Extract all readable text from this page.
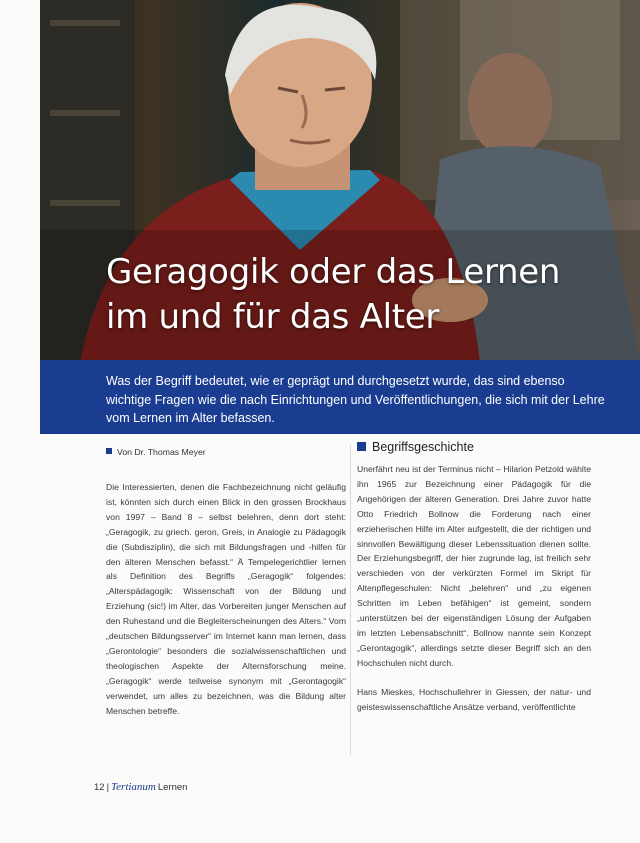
Geragogik oder das Lernen
im und für das Alter

Was der Begriff bedeutet, wie er geprägt und durchgesetzt wurde, das sind ebenso wichtige Fragen wie die nach Einrichtungen und Veröffentlichungen, die sich mit der Lehre vom Lernen im Alter befassen.

Von Dr. Thomas Meyer	Begriffsgeschichte

Die Interessierten, denen die Fachbezeichnung nicht geläufig ist, könnten sich durch einen Blick in den grossen Brockhaus von 1997 – Band 8 – selbst belehren, denn dort steht: „Geragogik, zu griech. geron, Greis, in Analogie zu Pädagogik die (Subdisziplin), die sich mit Bildungsfragen und -hilfen für den älteren Menschen befasst.“ Ä Tempelegerichtlier lernen als Definition des Begriffs „Geragogik“ folgendes: „Alterspädagogik: Wissenschaft von der Bildung und Erziehung (sic!) im Alter, das Vorbereiten junger Menschen auf den Ruhestand und die Begleiterscheinungen des Alters.“ Vom „deutschen Bildungsserver“ im Internet kann man lernen, dass „Gerontologie“ besonders die sozialwissenschaftlichen und theologischen Aspekte der Alternsforschung meine. „Geragogik“ werde teilweise synonym mit „Gerontagogik“ verwendet, um alles zu bezeichnen, was die Bildung alter Menschen betreffe.

Unerfährt neu ist der Terminus nicht – Hilarion Petzold wählte ihn 1965 zur Bezeichnung einer Pädagogik für die Angehörigen der älteren Generation. Drei Jahre zuvor hatte Otto Friedrich Bollnow die Forderung nach einer erzieherischen Hilfe im Alter aufgestellt, die der richtigen und sinnvollen Bewältigung dieser Lebenssituation dienen sollte. Der Erziehungsbegriff, der hier zugrunde lag, ist freilich sehr verschieden von der verkürzten Formel im Skript für Altenpflegeschulen: Nicht „belehren“ und „zu eigenen Schritten im Leben befähigen“ ist gemeint, sondern „unterstützen bei der eigenständigen Lösung der Aufgaben im letzten Lebensabschnitt“. Bollnow nannte sein Konzept „Gerontagogik“, allerdings setzte dieser Begriff sich an den Hochschulen nicht durch.

Hans Mieskes, Hochschullehrer in Giessen, der natur- und geisteswissenschaftliche Ansätze verband, veröffentlichte

12 | Tertianum Lernen
